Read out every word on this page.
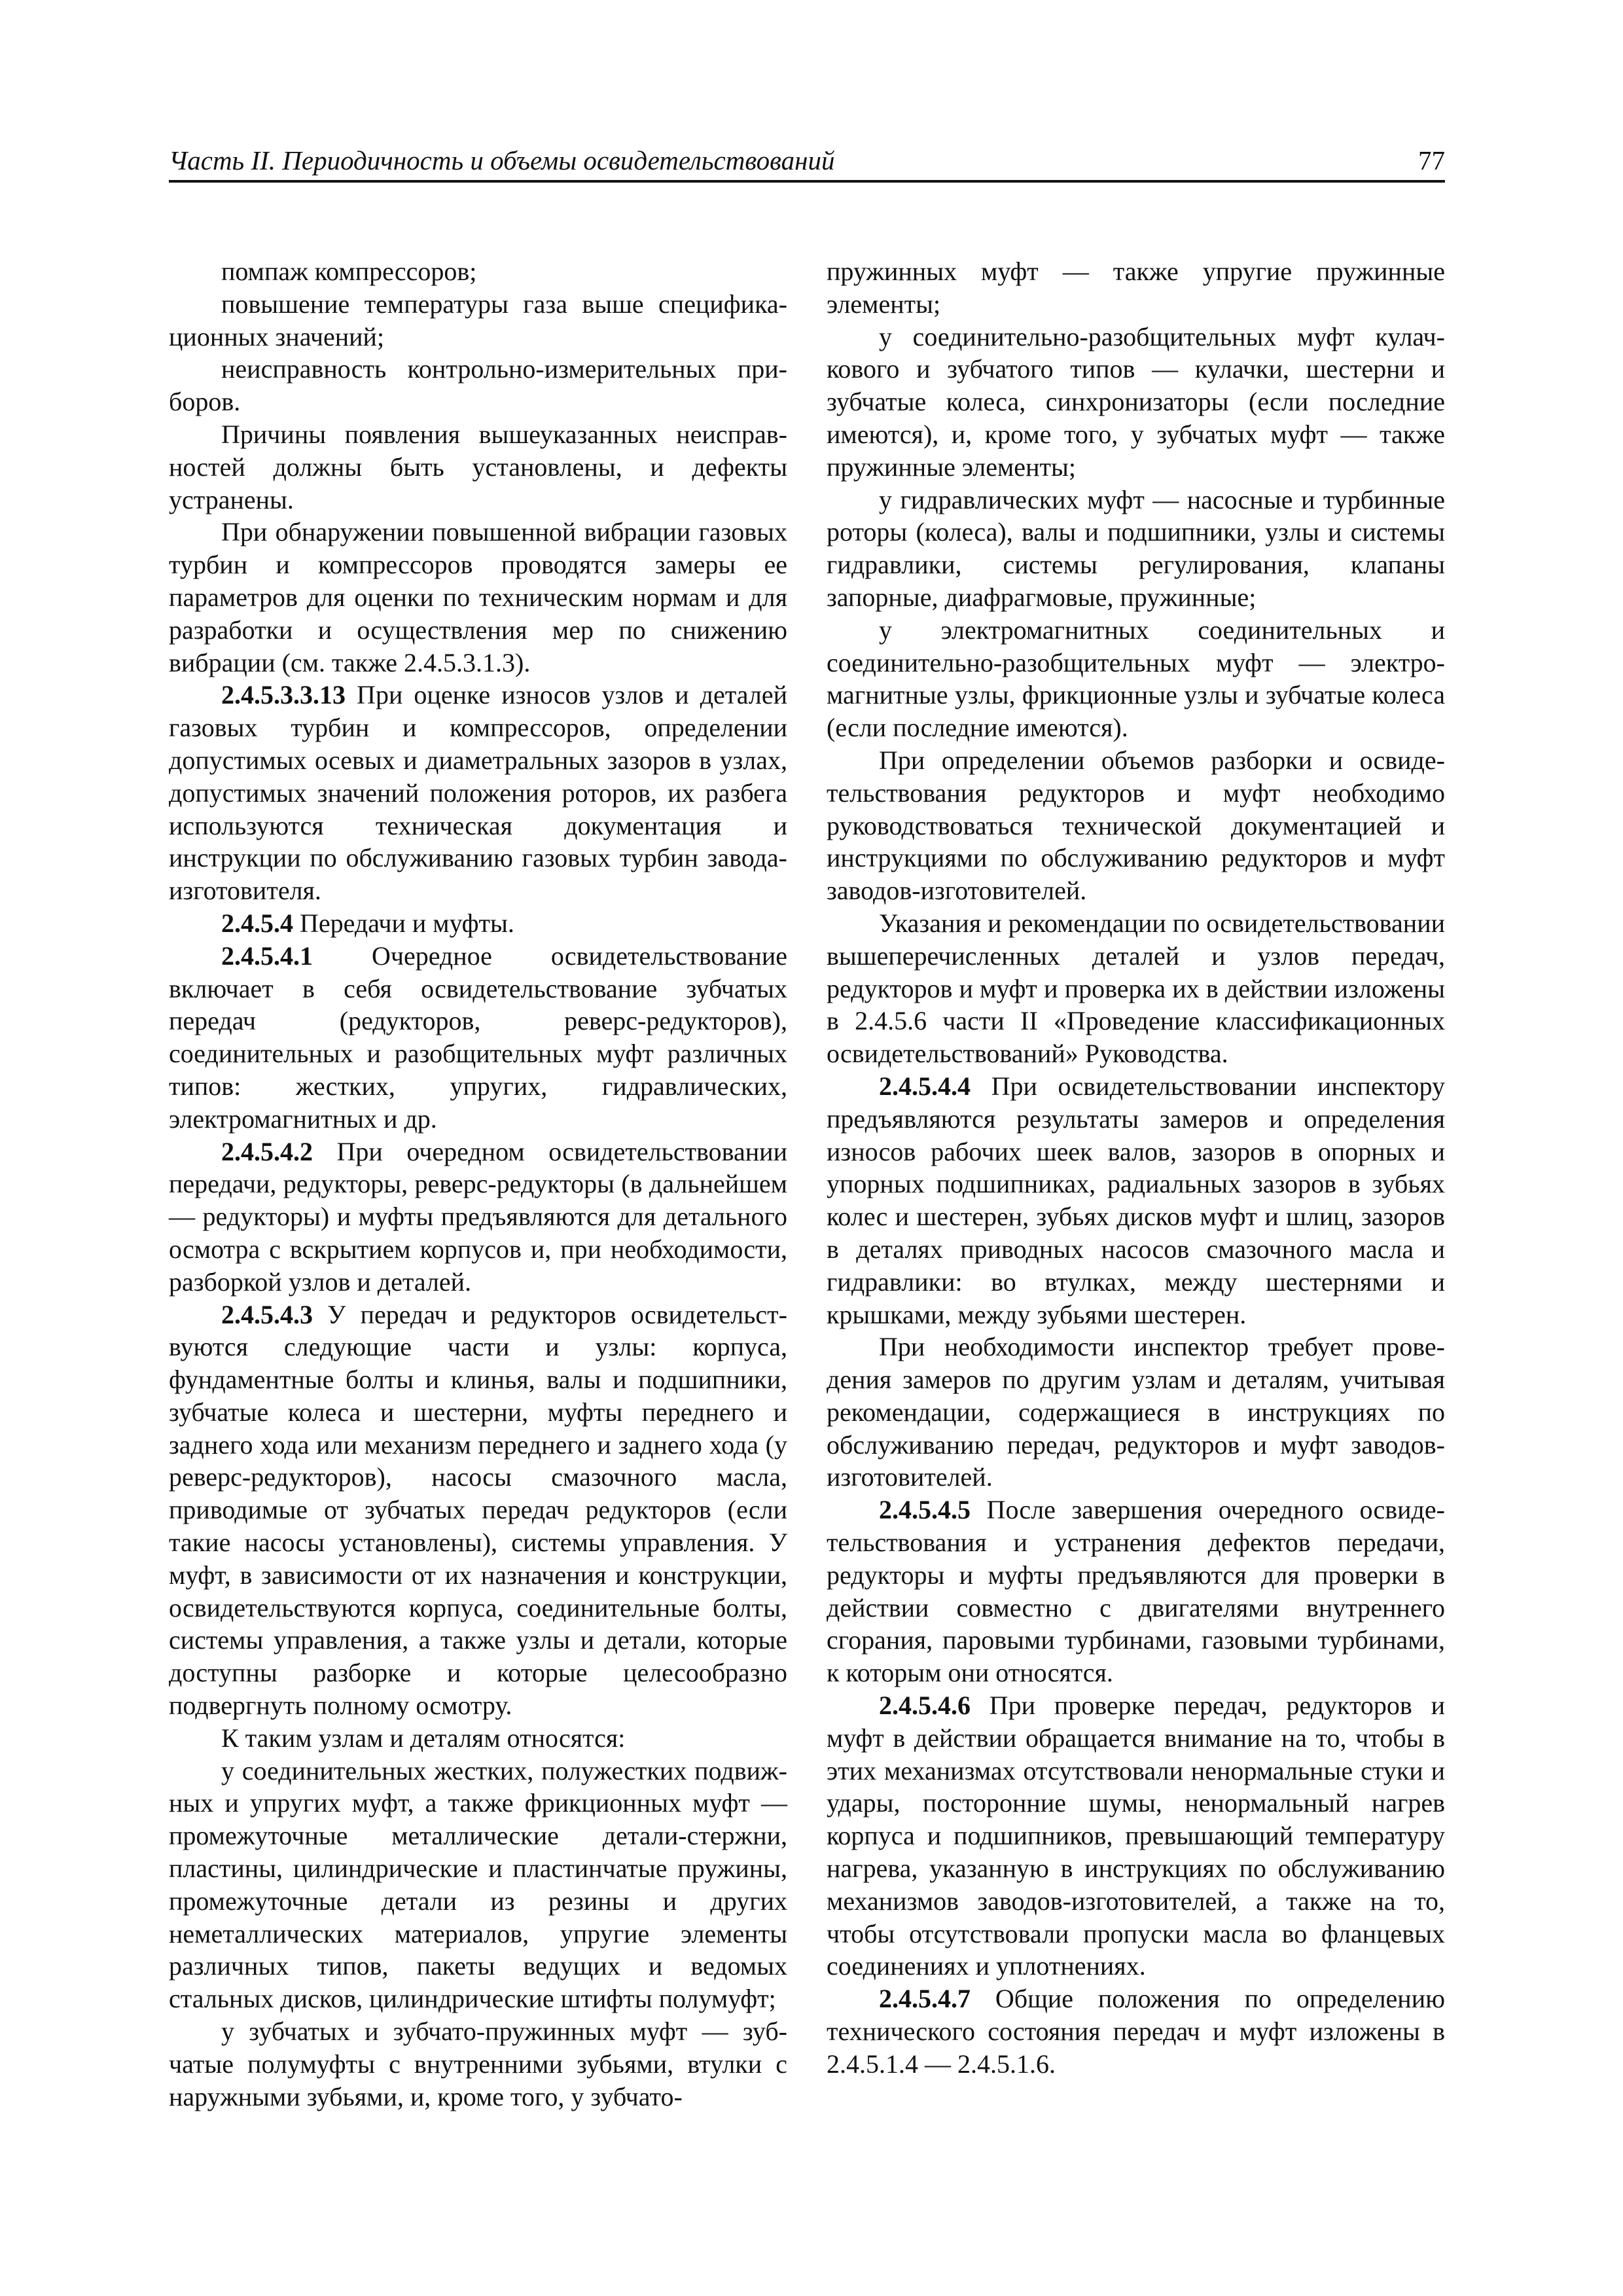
Часть II. Периодичность и объемы освидетельствований	77

помпаж компрессоров;

повышение температуры газа выше спецификационных значений;

неисправность контрольно-измерительных приборов.

Причины появления вышеуказанных неисправностей должны быть установлены, и дефекты устранены.

При обнаружении повышенной вибрации газовых турбин и компрессоров проводятся замеры ее параметров для оценки по техническим нормам и для разработки и осуществления мер по снижению вибрации (см. также 2.4.5.3.1.3).

2.4.5.3.3.13 При оценке износов узлов и деталей газовых турбин и компрессоров, определении допустимых осевых и диаметральных зазоров в узлах, допустимых значений положения роторов, их разбега используются техническая документация и инструкции по обслуживанию газовых турбин завода-изготовителя.

2.4.5.4 Передачи и муфты.

2.4.5.4.1 Очередное освидетельствование включает в себя освидетельствование зубчатых передач (редукторов, реверс-редукторов), соединительных и разобщительных муфт различных типов: жестких, упругих, гидравлических, электромагнитных и др.

2.4.5.4.2 При очередном освидетельствовании передачи, редукторы, реверс-редукторы (в дальнейшем — редукторы) и муфты предъявляются для детального осмотра с вскрытием корпусов и, при необходимости, разборкой узлов и деталей.

2.4.5.4.3 У передач и редукторов освидетельствуются следующие части и узлы: корпуса, фундаментные болты и клинья, валы и подшипники, зубчатые колеса и шестерни, муфты переднего и заднего хода или механизм переднего и заднего хода (у реверс-редукторов), насосы смазочного масла, приводимые от зубчатых передач редукторов (если такие насосы установлены), системы управления. У муфт, в зависимости от их назначения и конструкции, освидетельствуются корпуса, соединительные болты, системы управления, а также узлы и детали, которые доступны разборке и которые целесообразно подвергнуть полному осмотру.

К таким узлам и деталям относятся:

у соединительных жестких, полужестких подвиж-ных и упругих муфт, а также фрикционных муфт — промежуточные металлические детали-стержни, пластины, цилиндрические и пластинчатые пружины, промежуточные детали из резины и других неметаллических материалов, упругие элементы различных типов, пакеты ведущих и ведомых стальных дисков, цилиндрические штифты полумуфт;

у зубчатых и зубчато-пружинных муфт — зубчатые полумуфты с внутренними зубьями, втулки с наружными зубьями, и, кроме того, у зубчато-

пружинных муфт — также упругие пружинные элементы;

у соединительно-разобщительных муфт кулачкового и зубчатого типов — кулачки, шестерни и зубчатые колеса, синхронизаторы (если последние имеются), и, кроме того, у зубчатых муфт — также пружинные элементы;

у гидравлических муфт — насосные и турбинные роторы (колеса), валы и подшипники, узлы и системы гидравлики, системы регулирования, клапаны запорные, диафрагмовые, пружинные;

у электромагнитных соединительных и соединительно-разобщительных муфт — электромагнитные узлы, фрикционные узлы и зубчатые колеса (если последние имеются).

При определении объемов разборки и освидетельствования редукторов и муфт необходимо руководствоваться технической документацией и инструкциями по обслуживанию редукторов и муфт заводов-изготовителей.

Указания и рекомендации по освидетельствовании вышеперечисленных деталей и узлов передач, редукторов и муфт и проверка их в действии изложены в 2.4.5.6 части II «Проведение классификационных освидетельствований» Руководства.

2.4.5.4.4 При освидетельствовании инспектору предъявляются результаты замеров и определения износов рабочих шеек валов, зазоров в опорных и упорных подшипниках, радиальных зазоров в зубьях колес и шестерен, зубьях дисков муфт и шлиц, зазоров в деталях приводных насосов смазочного масла и гидравлики: во втулках, между шестернями и крышками, между зубьями шестерен.

При необходимости инспектор требует проведения замеров по другим узлам и деталям, учитывая рекомендации, содержащиеся в инструкциях по обслуживанию передач, редукторов и муфт заводов-изготовителей.

2.4.5.4.5 После завершения очередного освидетельствования и устранения дефектов передачи, редукторы и муфты предъявляются для проверки в действии совместно с двигателями внутреннего сгорания, паровыми турбинами, газовыми турбинами, к которым они относятся.

2.4.5.4.6 При проверке передач, редукторов и муфт в действии обращается внимание на то, чтобы в этих механизмах отсутствовали ненормальные стуки и удары, посторонние шумы, ненормальный нагрев корпуса и подшипников, превышающий температуру нагрева, указанную в инструкциях по обслуживанию механизмов заводов-изготовителей, а также на то, чтобы отсутствовали пропуски масла во фланцевых соединениях и уплотнениях.

2.4.5.4.7 Общие положения по определению технического состояния передач и муфт изложены в 2.4.5.1.4 — 2.4.5.1.6.
